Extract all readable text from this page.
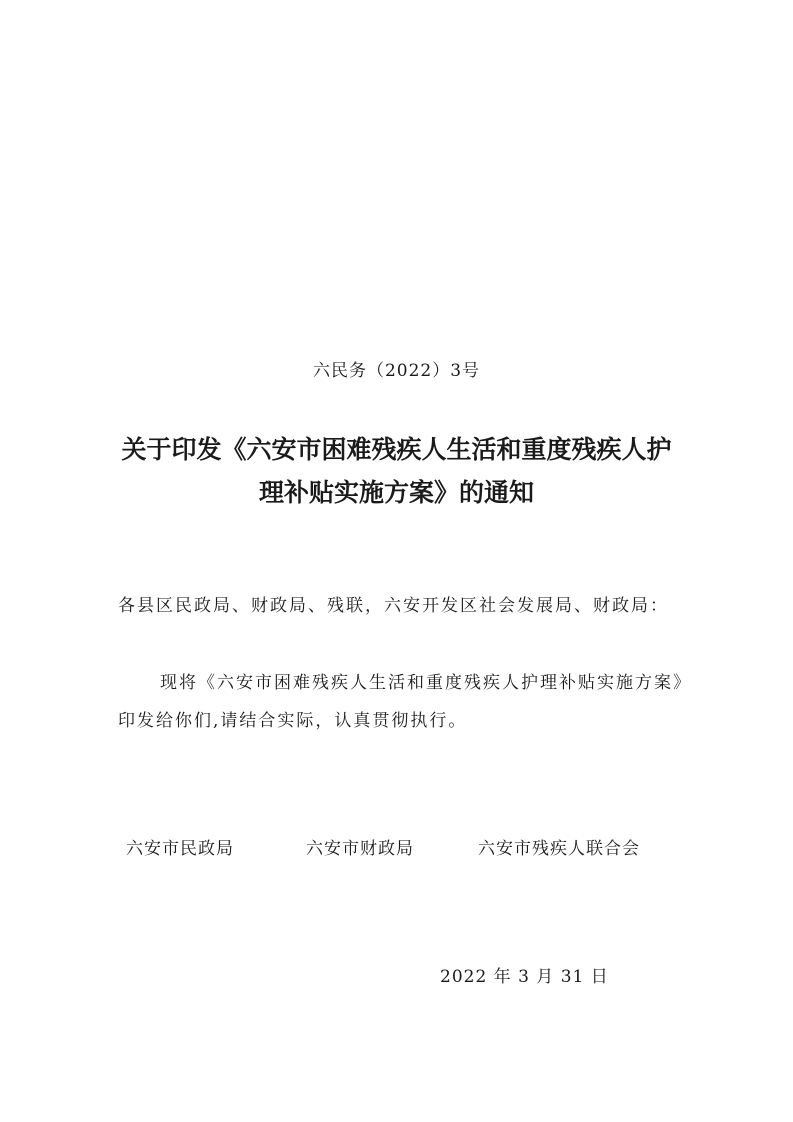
六民务（2022）3号
关于印发《六安市困难残疾人生活和重度残疾人护理补贴实施方案》的通知
各县区民政局、财政局、残联，六安开发区社会发展局、财政局：
现将《六安市困难残疾人生活和重度残疾人护理补贴实施方案》印发给你们,请结合实际，认真贯彻执行。
六安市民政局	六安市财政局	六安市残疾人联合会
2022 年 3 月 31 日
